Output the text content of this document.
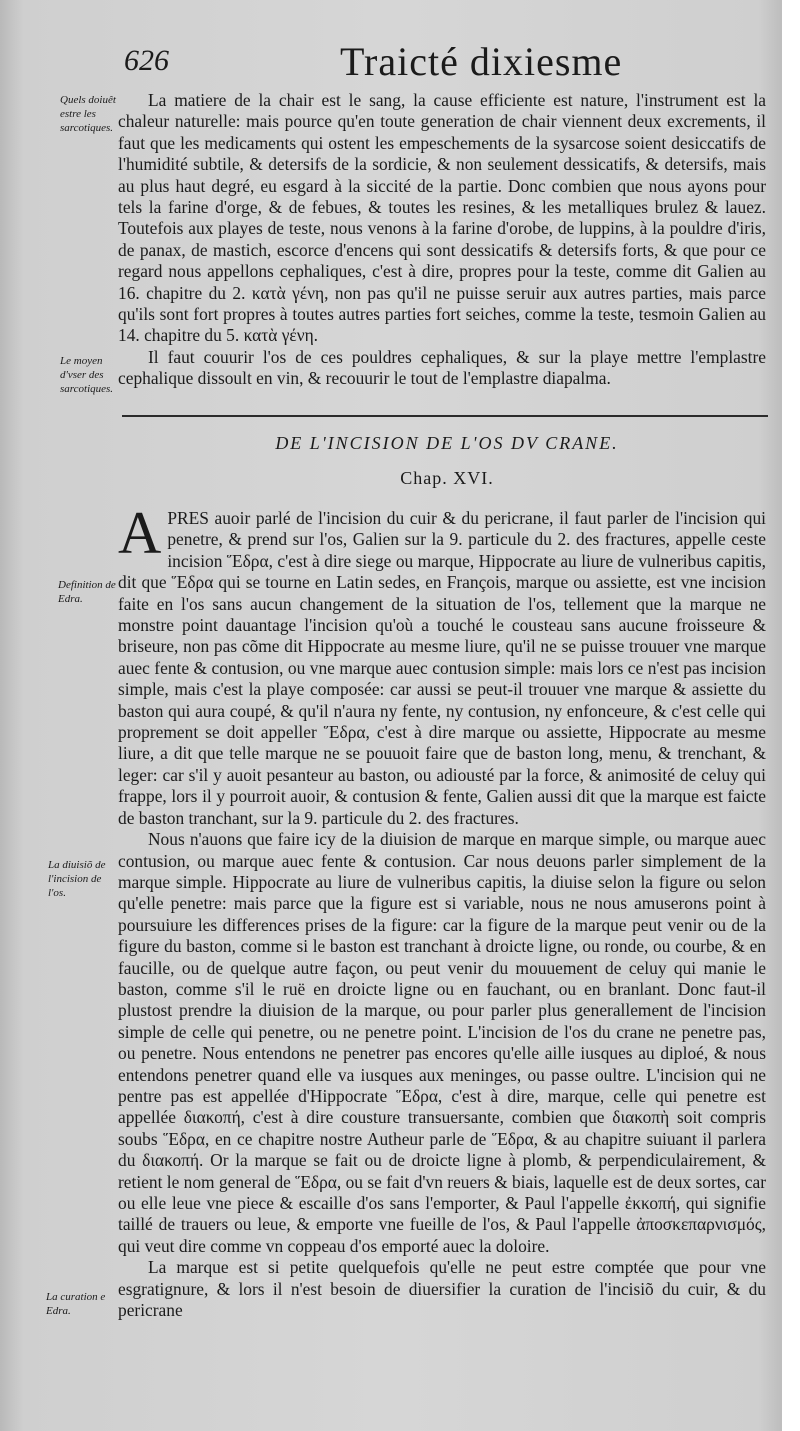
626	Traicté dixiesme
Quels doiuêt estre les sarcotiques.
Le moyen d'vser des sarcotiques.
Definition de Edra.
La diuisiõ de l'incision de l'os.
La curation e Edra.

La matiere de la chair est le sang, la cause efficiente est nature, l'instrument est la chaleur naturelle: mais pource qu'en toute generation de chair viennent deux excrements, il faut que les medicaments qui ostent les empeschements de la sysarcose soient desiccatifs de l'humidité subtile, & detersifs de la sordicie, & non seulement dessicatifs, & detersifs, mais au plus haut degré, eu esgard à la siccité de la partie. Donc combien que nous ayons pour tels la farine d'orge, & de febues, & toutes les resines, & les metalliques brulez & lauez. Toutefois aux playes de teste, nous venons à la farine d'orobe, de luppins, à la pouldre d'iris, de panax, de mastich, escorce d'encens qui sont dessicatifs & detersifs forts, & que pour ce regard nous appellons cephaliques, c'est à dire, propres pour la teste, comme dit Galien au 16. chapitre du 2. κατὰ γένη, non pas qu'il ne puisse seruir aux autres parties, mais parce qu'ils sont fort propres à toutes autres parties fort seiches, comme la teste, tesmoin Galien au 14. chapitre du 5. κατὰ γένη.

Il faut couurir l'os de ces pouldres cephaliques, & sur la playe mettre l'emplastre cephalique dissoult en vin, & recouurir le tout de l'emplastre diapalma.

DE L'INCISION DE L'OS DV CRANE.
Chap. XVI.

A PRES auoir parlé de l'incision du cuir & du pericrane, il faut parler de l'incision qui penetre, & prend sur l'os, Galien sur la 9. particule du 2. des fractures, appelle ceste incision Ἕδρα, c'est à dire siege ou marque, Hippocrate au liure de vulneribus capitis, dit que Ἕδρα qui se tourne en Latin sedes, en François, marque ou assiette, est vne incision faite en l'os sans aucun changement de la situation de l'os, tellement que la marque ne monstre point dauantage l'incision qu'où a touché le cousteau sans aucune froisseure & briseure, non pas cõme dit Hippocrate au mesme liure, qu'il ne se puisse trouuer vne marque auec fente & contusion, ou vne marque auec contusion simple: mais lors ce n'est pas incision simple, mais c'est la playe composée: car aussi se peut-il trouuer vne marque & assiette du baston qui aura coupé, & qu'il n'aura ny fente, ny contusion, ny enfonceure, & c'est celle qui proprement se doit appeller Ἕδρα, c'est à dire marque ou assiette, Hippocrate au mesme liure, a dit que telle marque ne se pouuoit faire que de baston long, menu, & trenchant, & leger: car s'il y auoit pesanteur au baston, ou adiousté par la force, & animosité de celuy qui frappe, lors il y pourroit auoir, & contusion & fente, Galien aussi dit que la marque est faicte de baston tranchant, sur la 9. particule du 2. des fractures.

Nous n'auons que faire icy de la diuision de marque en marque simple, ou marque auec contusion, ou marque auec fente & contusion. Car nous deuons parler simplement de la marque simple. Hippocrate au liure de vulneribus capitis, la diuise selon la figure ou selon qu'elle penetre: mais parce que la figure est si variable, nous ne nous amuserons point à poursuiure les differences prises de la figure: car la figure de la marque peut venir ou de la figure du baston, comme si le baston est tranchant à droicte ligne, ou ronde, ou courbe, & en faucille, ou de quelque autre façon, ou peut venir du mouuement de celuy qui manie le baston, comme s'il le ruë en droicte ligne ou en fauchant, ou en branlant. Donc faut-il plustost prendre la diuision de la marque, ou pour parler plus generallement de l'incision simple de celle qui penetre, ou ne penetre point. L'incision de l'os du crane ne penetre pas, ou penetre. Nous entendons ne penetrer pas encores qu'elle aille iusques au diploé, & nous entendons penetrer quand elle va iusques aux meninges, ou passe oultre. L'incision qui ne pentre pas est appellée d'Hippocrate Ἕδρα, c'est à dire, marque, celle qui penetre est appellée διακοπή, c'est à dire cousture transuersante, combien que διακοπὴ soit compris soubs Ἕδρα, en ce chapitre nostre Autheur parle de Ἕδρα, & au chapitre suiuant il parlera du διακοπή. Or la marque se fait ou de droicte ligne à plomb, & perpendiculairement, & retient le nom general de Ἕδρα, ou se fait d'vn reuers & biais, laquelle est de deux sortes, car ou elle leue vne piece & escaille d'os sans l'emporter, & Paul l'appelle ἐκκοπή, qui signifie taillé de trauers ou leue, & emporte vne fueille de l'os, & Paul l'appelle ἀποσκεπαρνισμός, qui veut dire comme vn coppeau d'os emporté auec la doloire.

La marque est si petite quelquefois qu'elle ne peut estre comptée que pour vne esgratignure, & lors il n'est besoin de diuersifier la curation de l'incisiõ du cuir, & du pericrane
